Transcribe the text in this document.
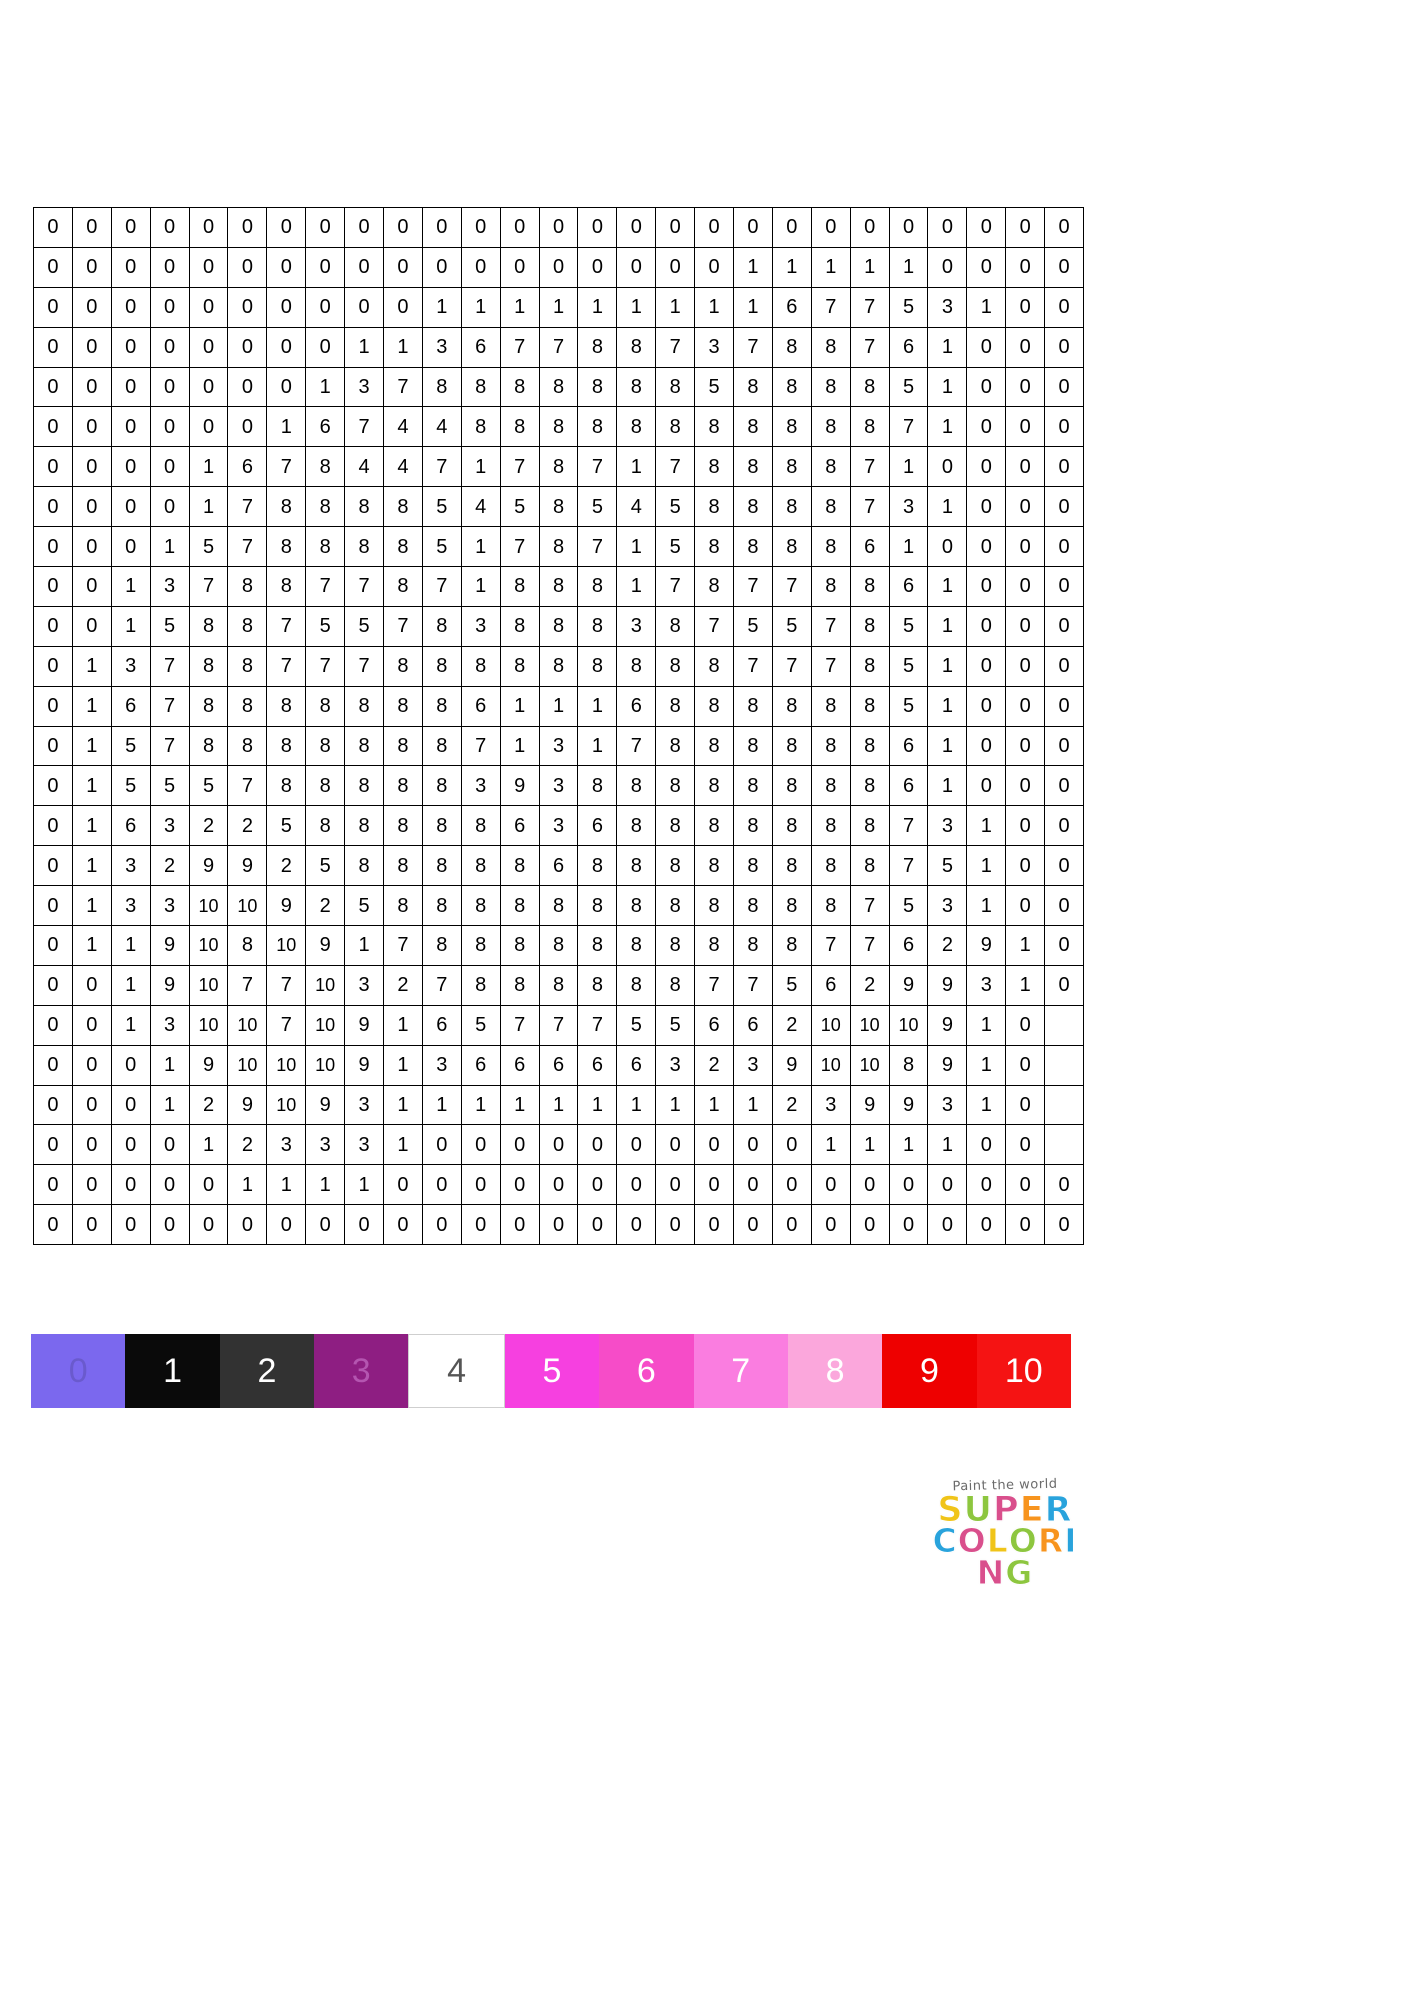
0	0	0	0	0	0	0	0	0	0	0	0	0	0	0	0	0	0	0	0	0	0	0	0	0	0	0
0	0	0	0	0	0	0	0	0	0	0	0	0	0	0	0	0	0	1	1	1	1	1	0	0	0	0
0	0	0	0	0	0	0	0	0	0	1	1	1	1	1	1	1	1	1	6	7	7	5	3	1	0	0
0	0	0	0	0	0	0	0	1	1	3	6	7	7	8	8	7	3	7	8	8	7	6	1	0	0	0
0	0	0	0	0	0	0	1	3	7	8	8	8	8	8	8	8	5	8	8	8	8	5	1	0	0	0
0	0	0	0	0	0	1	6	7	4	4	8	8	8	8	8	8	8	8	8	8	8	7	1	0	0	0
0	0	0	0	1	6	7	8	4	4	7	1	7	8	7	1	7	8	8	8	8	7	1	0	0	0	0
0	0	0	0	1	7	8	8	8	8	5	4	5	8	5	4	5	8	8	8	8	7	3	1	0	0	0
0	0	0	1	5	7	8	8	8	8	5	1	7	8	7	1	5	8	8	8	8	6	1	0	0	0	0
0	0	1	3	7	8	8	7	7	8	7	1	8	8	8	1	7	8	7	7	8	8	6	1	0	0	0
0	0	1	5	8	8	7	5	5	7	8	3	8	8	8	3	8	7	5	5	7	8	5	1	0	0	0
0	1	3	7	8	8	7	7	7	8	8	8	8	8	8	8	8	8	7	7	7	8	5	1	0	0	0
0	1	6	7	8	8	8	8	8	8	8	6	1	1	1	6	8	8	8	8	8	8	5	1	0	0	0
0	1	5	7	8	8	8	8	8	8	8	7	1	3	1	7	8	8	8	8	8	8	6	1	0	0	0
0	1	5	5	5	7	8	8	8	8	8	3	9	3	8	8	8	8	8	8	8	8	6	1	0	0	0
0	1	6	3	2	2	5	8	8	8	8	8	6	3	6	8	8	8	8	8	8	8	7	3	1	0	0
0	1	3	2	9	9	2	5	8	8	8	8	8	6	8	8	8	8	8	8	8	8	7	5	1	0	0
0	1	3	3	10	10	9	2	5	8	8	8	8	8	8	8	8	8	8	8	8	7	5	3	1	0	0
0	1	1	9	10	8	10	9	1	7	8	8	8	8	8	8	8	8	8	8	7	7	6	2	9	1	0
0	0	1	9	10	7	7	10	3	2	7	8	8	8	8	8	8	7	7	5	6	2	9	9	3	1	0
0	0	1	3	10	10	7	10	9	1	6	5	7	7	7	5	5	6	6	2	10	10	10	9	1	0	
0	0	0	1	9	10	10	10	9	1	3	6	6	6	6	6	3	2	3	9	10	10	8	9	1	0	
0	0	0	1	2	9	10	9	3	1	1	1	1	1	1	1	1	1	1	2	3	9	9	3	1	0	
0	0	0	0	1	2	3	3	3	1	0	0	0	0	0	0	0	0	0	0	1	1	1	1	0	0	
0	0	0	0	0	1	1	1	1	0	0	0	0	0	0	0	0	0	0	0	0	0	0	0	0	0	0
0	0	0	0	0	0	0	0	0	0	0	0	0	0	0	0	0	0	0	0	0	0	0	0	0	0	0
0	1	2	3	4	5	6	7	8	9	10
Paint the world
SUPER
COLORING
